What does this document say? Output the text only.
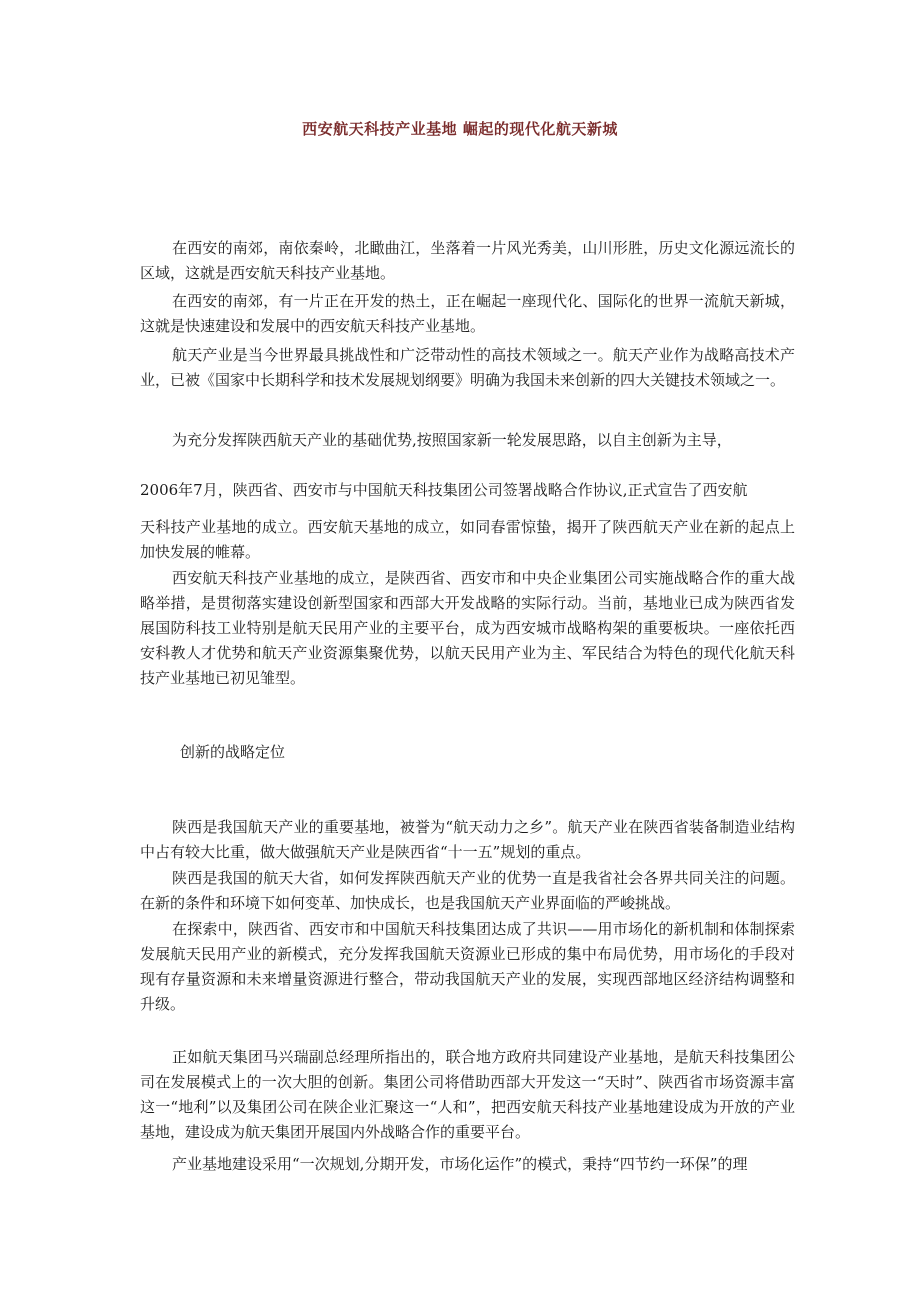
西安航天科技产业基地 崛起的现代化航天新城

在西安的南郊，南依秦岭，北瞰曲江，坐落着一片风光秀美，山川形胜，历史文化源远流长的区域，这就是西安航天科技产业基地。

在西安的南郊，有一片正在开发的热土，正在崛起一座现代化、国际化的世界一流航天新城，这就是快速建设和发展中的西安航天科技产业基地。

航天产业是当今世界最具挑战性和广泛带动性的高技术领域之一。航天产业作为战略高技术产业，已被《国家中长期科学和技术发展规划纲要》明确为我国未来创新的四大关键技术领域之一。

为充分发挥陕西航天产业的基础优势,按照国家新一轮发展思路，以自主创新为主导，

2006年7月，陕西省、西安市与中国航天科技集团公司签署战略合作协议,正式宣告了西安航

天科技产业基地的成立。西安航天基地的成立，如同春雷惊蛰，揭开了陕西航天产业在新的起点上加快发展的帷幕。

西安航天科技产业基地的成立，是陕西省、西安市和中央企业集团公司实施战略合作的重大战略举措，是贯彻落实建设创新型国家和西部大开发战略的实际行动。当前，基地业已成为陕西省发展国防科技工业特别是航天民用产业的主要平台，成为西安城市战略构架的重要板块。一座依托西安科教人才优势和航天产业资源集聚优势，以航天民用产业为主、军民结合为特色的现代化航天科技产业基地已初见雏型。

创新的战略定位

陕西是我国航天产业的重要基地，被誉为“航天动力之乡”。航天产业在陕西省装备制造业结构中占有较大比重，做大做强航天产业是陕西省“十一五”规划的重点。

陕西是我国的航天大省，如何发挥陕西航天产业的优势一直是我省社会各界共同关注的问题。在新的条件和环境下如何变革、加快成长，也是我国航天产业界面临的严峻挑战。

在探索中，陕西省、西安市和中国航天科技集团达成了共识——用市场化的新机制和体制探索发展航天民用产业的新模式，充分发挥我国航天资源业已形成的集中布局优势，用市场化的手段对现有存量资源和未来增量资源进行整合，带动我国航天产业的发展，实现西部地区经济结构调整和升级。

正如航天集团马兴瑞副总经理所指出的，联合地方政府共同建设产业基地，是航天科技集团公司在发展模式上的一次大胆的创新。集团公司将借助西部大开发这一“天时”、陕西省市场资源丰富这一“地利”以及集团公司在陕企业汇聚这一“人和”，把西安航天科技产业基地建设成为开放的产业基地，建设成为航天集团开展国内外战略合作的重要平台。

产业基地建设采用“一次规划,分期开发，市场化运作”的模式，秉持“四节约一环保”的理
